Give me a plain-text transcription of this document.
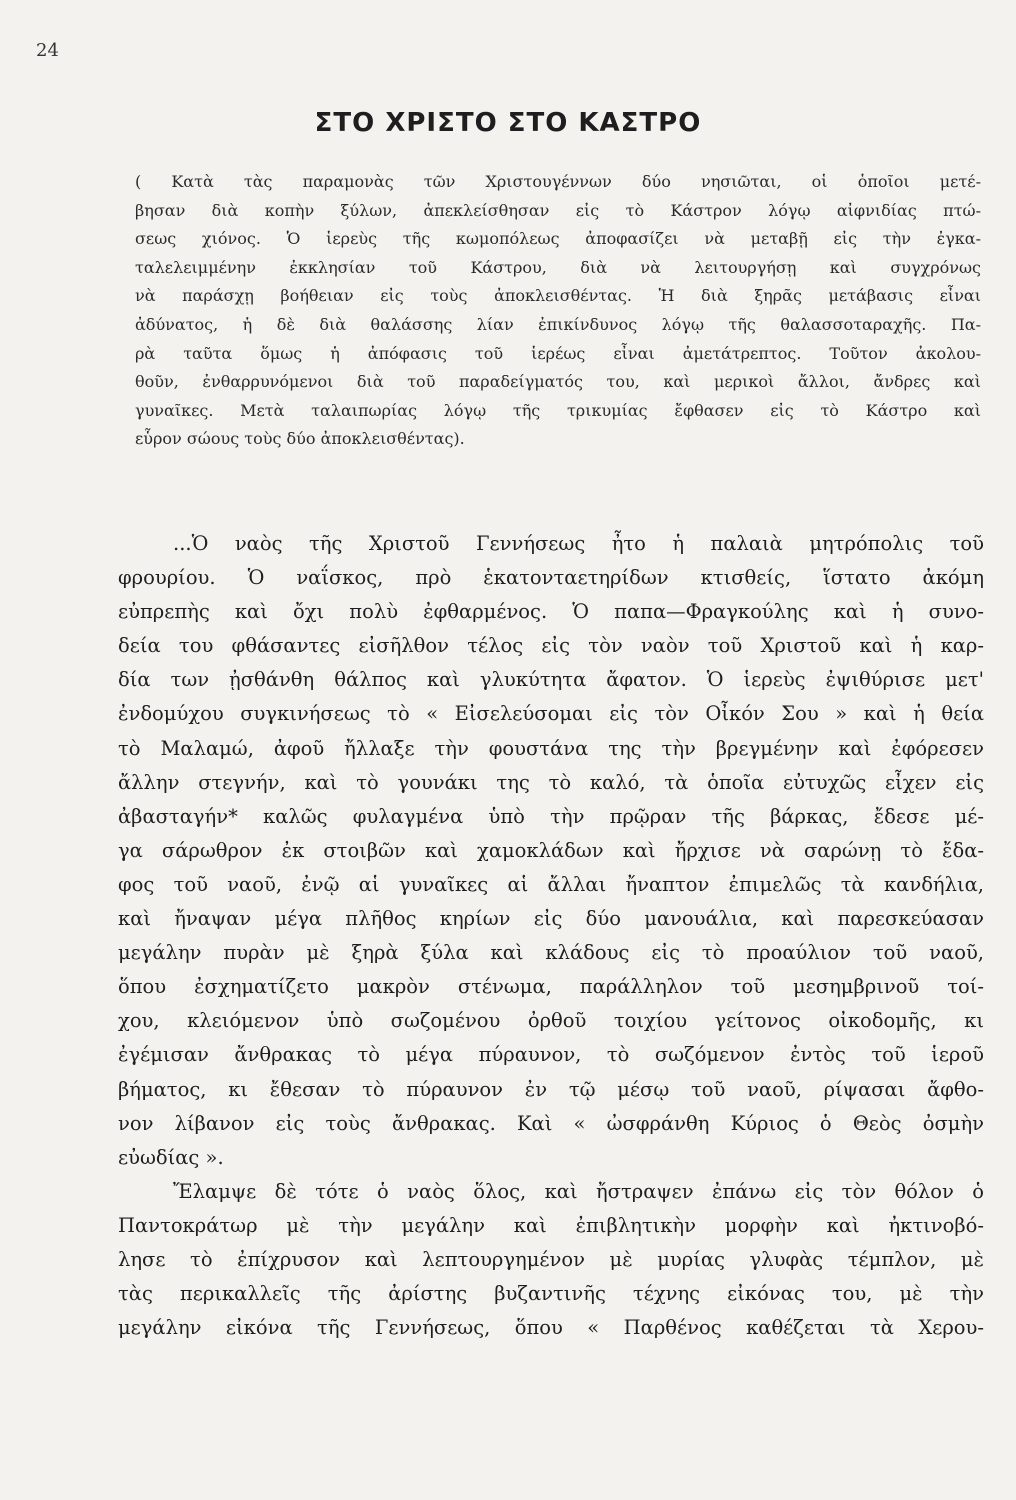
24
ΣΤΟ ΧΡΙΣΤΟ ΣΤΟ ΚΑΣΤΡΟ
( Κατὰ τὰς παραμονὰς τῶν Χριστουγέννων δύο νησιῶται, οἱ ὁποῖοι μετέ-
βησαν διὰ κοπὴν ξύλων, ἀπεκλείσθησαν εἰς τὸ Κάστρον λόγῳ αἰφνιδίας πτώ-
σεως χιόνος. Ὁ ἱερεὺς τῆς κωμοπόλεως ἀποφασίζει νὰ μεταβῇ εἰς τὴν ἐγκα-
ταλελειμμένην ἐκκλησίαν τοῦ Κάστρου, διὰ νὰ λειτουργήσῃ καὶ συγχρόνως
νὰ παράσχῃ βοήθειαν εἰς τοὺς ἀποκλεισθέντας. Ἡ διὰ ξηρᾶς μετάβασις εἶναι
ἀδύνατος, ἡ δὲ διὰ θαλάσσης λίαν ἐπικίνδυνος λόγῳ τῆς θαλασσοταραχῆς. Πα-
ρὰ ταῦτα ὅμως ἡ ἀπόφασις τοῦ ἱερέως εἶναι ἀμετάτρεπτος. Τοῦτον ἀκολου-
θοῦν, ἐνθαρρυνόμενοι διὰ τοῦ παραδείγματός του, καὶ μερικοὶ ἄλλοι, ἄνδρες καὶ
γυναῖκες. Μετὰ ταλαιπωρίας λόγῳ τῆς τρικυμίας ἔφθασεν εἰς τὸ Κάστρο καὶ
εὗρον σώους τοὺς δύο ἀποκλεισθέντας).
...Ὁ ναὸς τῆς Χριστοῦ Γεννήσεως ἦτο ἡ παλαιὰ μητρόπολις τοῦ
φρουρίου. Ὁ ναΐσκος, πρὸ ἑκατονταετηρίδων κτισθείς, ἵστατο ἀκόμη
εὐπρεπὴς καὶ ὄχι πολὺ ἐφθαρμένος. Ὁ παπα—Φραγκούλης καὶ ἡ συνο-
δεία του φθάσαντες εἰσῆλθον τέλος εἰς τὸν ναὸν τοῦ Χριστοῦ καὶ ἡ καρ-
δία των ᾐσθάνθη θάλπος καὶ γλυκύτητα ἄφατον. Ὁ ἱερεὺς ἐψιθύρισε μετ'
ἐνδομύχου συγκινήσεως τὸ « Εἰσελεύσομαι εἰς τὸν Οἶκόν Σου » καὶ ἡ θεία
τὸ Μαλαμώ, ἀφοῦ ἤλλαξε τὴν φουστάνα της τὴν βρεγμένην καὶ ἐφόρεσεν
ἄλλην στεγνήν, καὶ τὸ γουνάκι της τὸ καλό, τὰ ὁποῖα εὐτυχῶς εἶχεν εἰς
ἀβασταγήν* καλῶς φυλαγμένα ὑπὸ τὴν πρῷραν τῆς βάρκας, ἔδεσε μέ-
γα σάρωθρον ἐκ στοιβῶν καὶ χαμοκλάδων καὶ ἤρχισε νὰ σαρώνῃ τὸ ἔδα-
φος τοῦ ναοῦ, ἐνῷ αἱ γυναῖκες αἱ ἄλλαι ἤναπτον ἐπιμελῶς τὰ κανδήλια,
καὶ ἤναψαν μέγα πλῆθος κηρίων εἰς δύο μανουάλια, καὶ παρεσκεύασαν
μεγάλην πυρὰν μὲ ξηρὰ ξύλα καὶ κλάδους εἰς τὸ προαύλιον τοῦ ναοῦ,
ὅπου ἐσχηματίζετο μακρὸν στένωμα, παράλληλον τοῦ μεσημβρινοῦ τοί-
χου, κλειόμενον ὑπὸ σωζομένου ὀρθοῦ τοιχίου γείτονος οἰκοδομῆς, κι
ἐγέμισαν ἄνθρακας τὸ μέγα πύραυνον, τὸ σωζόμενον ἐντὸς τοῦ ἱεροῦ
βήματος, κι ἔθεσαν τὸ πύραυνον ἐν τῷ μέσῳ τοῦ ναοῦ, ρίψασαι ἄφθο-
νον λίβανον εἰς τοὺς ἄνθρακας. Καὶ « ὠσφράνθη Κύριος ὁ Θεὸς ὀσμὴν
εὐωδίας ».
Ἔλαμψε δὲ τότε ὁ ναὸς ὅλος, καὶ ἤστραψεν ἐπάνω εἰς τὸν θόλον ὁ
Παντοκράτωρ μὲ τὴν μεγάλην καὶ ἐπιβλητικὴν μορφὴν καὶ ἠκτινοβό-
λησε τὸ ἐπίχρυσον καὶ λεπτουργημένον μὲ μυρίας γλυφὰς τέμπλον, μὲ
τὰς περικαλλεῖς τῆς ἀρίστης βυζαντινῆς τέχνης εἰκόνας του, μὲ τὴν
μεγάλην εἰκόνα τῆς Γεννήσεως, ὅπου « Παρθένος καθέζεται τὰ Χερου-
